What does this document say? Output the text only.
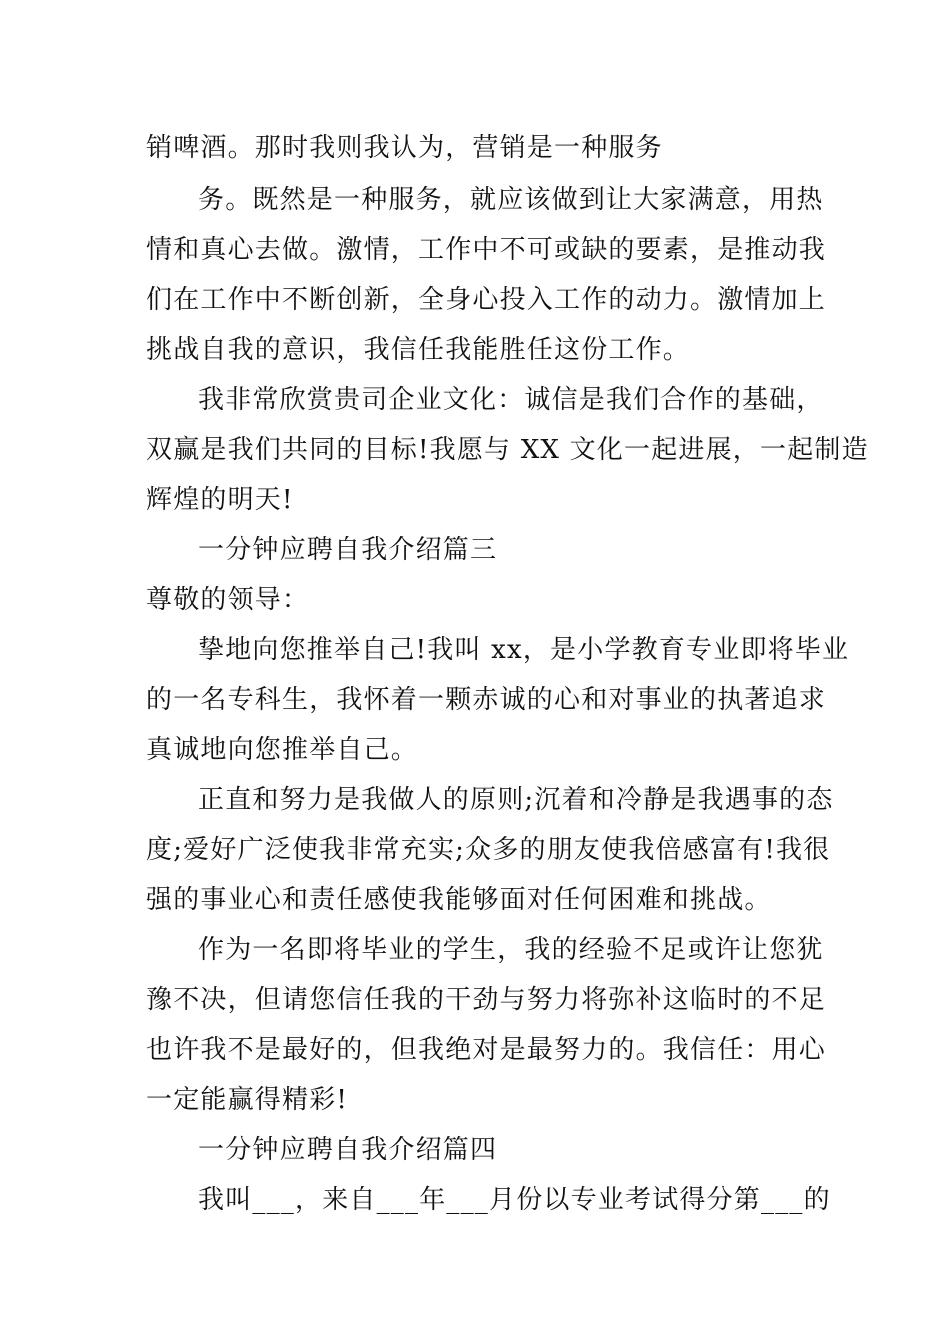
销啤酒。那时我则我认为，营销是一种服务
务。既然是一种服务，就应该做到让大家满意，用热
情和真心去做。激情，工作中不可或缺的要素，是推动我
们在工作中不断创新，全身心投入工作的动力。激情加上
挑战自我的意识，我信任我能胜任这份工作。
我非常欣赏贵司企业文化：诚信是我们合作的基础，
双赢是我们共同的目标!我愿与 XX 文化一起进展，一起制造
辉煌的明天!
一分钟应聘自我介绍篇三
尊敬的领导：
挚地向您推举自己!我叫 xx，是小学教育专业即将毕业
的一名专科生，我怀着一颗赤诚的心和对事业的执著追求
真诚地向您推举自己。
正直和努力是我做人的原则;沉着和冷静是我遇事的态
度;爱好广泛使我非常充实;众多的朋友使我倍感富有!我很
强的事业心和责任感使我能够面对任何困难和挑战。
作为一名即将毕业的学生，我的经验不足或许让您犹
豫不决，但请您信任我的干劲与努力将弥补这临时的不足
也许我不是最好的，但我绝对是最努力的。我信任：用心
一定能赢得精彩!
一分钟应聘自我介绍篇四
我叫___，来自___年___月份以专业考试得分第___的
